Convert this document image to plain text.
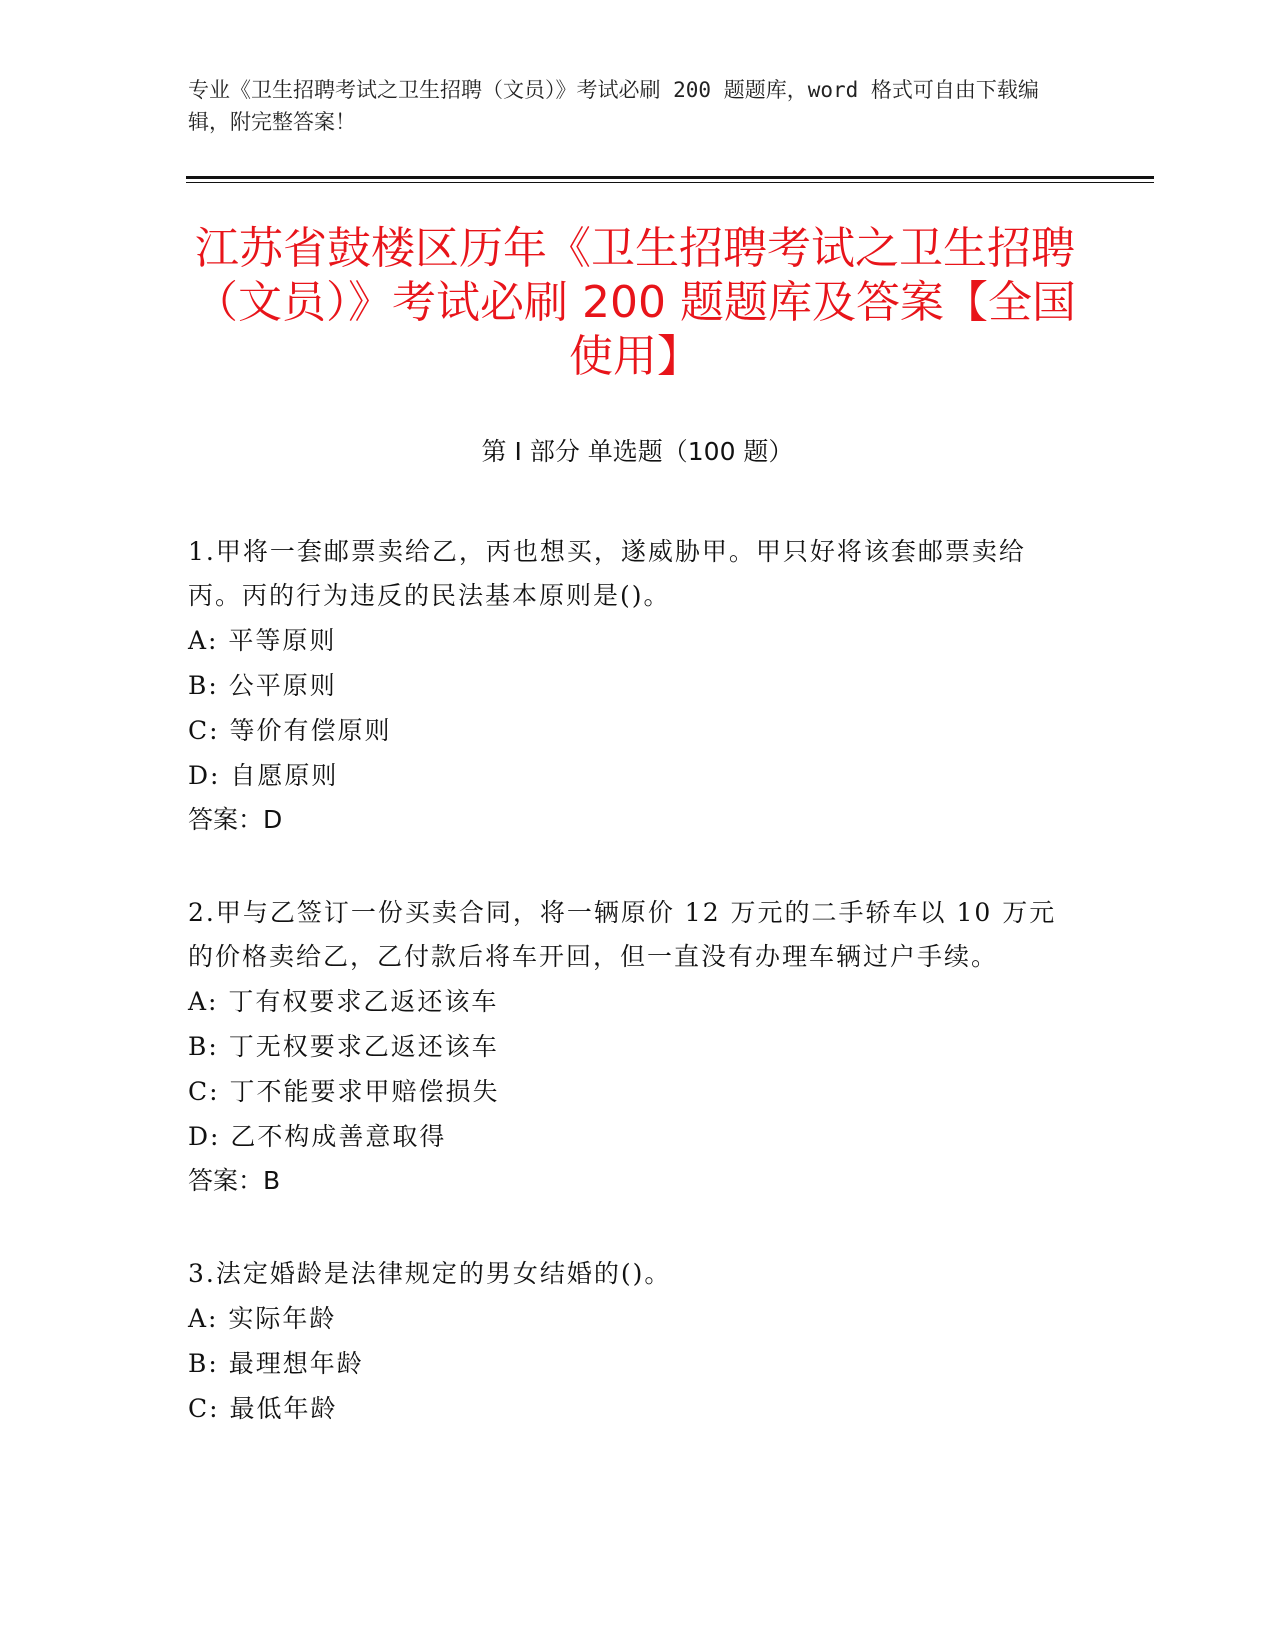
专业《卫生招聘考试之卫生招聘（文员）》考试必刷 200 题题库，word 格式可自由下载编辑，附完整答案！
江苏省鼓楼区历年《卫生招聘考试之卫生招聘（文员）》考试必刷 200 题题库及答案【全国使用】
第 I 部分 单选题（100 题）

1.甲将一套邮票卖给乙，丙也想买，遂威胁甲。甲只好将该套邮票卖给丙。丙的行为违反的民法基本原则是()。

A: 平等原则

B: 公平原则

C: 等价有偿原则

D: 自愿原则

答案：D

2.甲与乙签订一份买卖合同，将一辆原价 12 万元的二手轿车以 10 万元的价格卖给乙，乙付款后将车开回，但一直没有办理车辆过户手续。

A: 丁有权要求乙返还该车

B: 丁无权要求乙返还该车

C: 丁不能要求甲赔偿损失

D: 乙不构成善意取得

答案：B

3.法定婚龄是法律规定的男女结婚的()。

A: 实际年龄

B: 最理想年龄

C: 最低年龄
